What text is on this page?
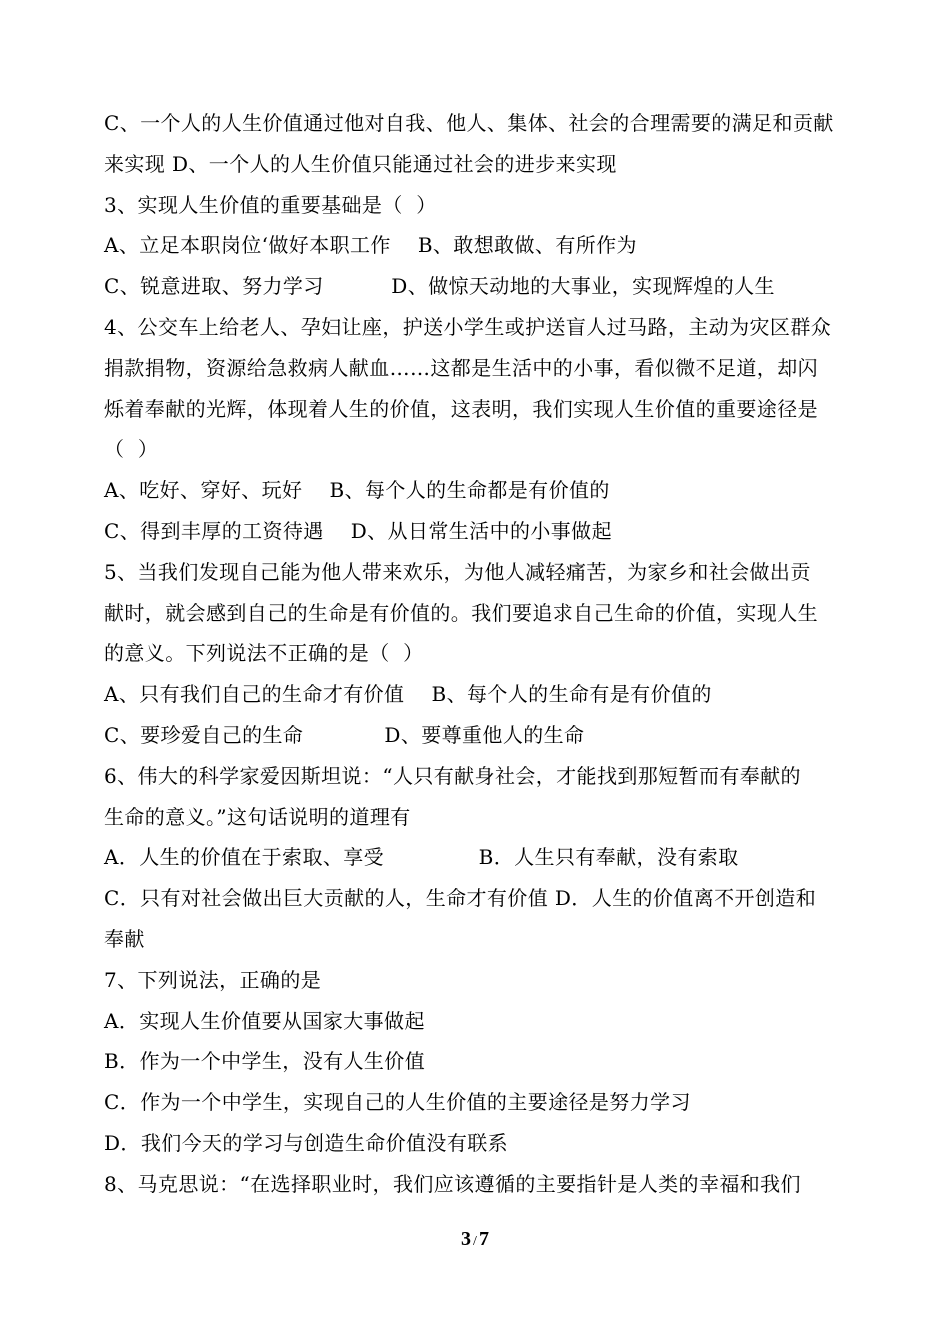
C、一个人的人生价值通过他对自我、他人、集体、社会的合理需要的满足和贡献
来实现 D、一个人的人生价值只能通过社会的进步来实现
3、实现人生价值的重要基础是（  ）
A、立足本职岗位‘做好本职工作    B、敢想敢做、有所作为
C、锐意进取、努力学习          D、做惊天动地的大事业，实现辉煌的人生
4、公交车上给老人、孕妇让座，护送小学生或护送盲人过马路，主动为灾区群众
捐款捐物，资源给急救病人献血……这都是生活中的小事，看似微不足道，却闪
烁着奉献的光辉，体现着人生的价值，这表明，我们实现人生价值的重要途径是
（  ）
A、吃好、穿好、玩好    B、每个人的生命都是有价值的
C、得到丰厚的工资待遇    D、从日常生活中的小事做起
5、当我们发现自己能为他人带来欢乐，为他人减轻痛苦，为家乡和社会做出贡
献时，就会感到自己的生命是有价值的。我们要追求自己生命的价值，实现人生
的意义。下列说法不正确的是（  ）
A、只有我们自己的生命才有价值    B、每个人的生命有是有价值的
C、要珍爱自己的生命            D、要尊重他人的生命
6、伟大的科学家爱因斯坦说：“人只有献身社会，才能找到那短暂而有奉献的
生命的意义。”这句话说明的道理有
A．人生的价值在于索取、享受              B．人生只有奉献，没有索取
C．只有对社会做出巨大贡献的人，生命才有价值 D．人生的价值离不开创造和
奉献
7、下列说法，正确的是
A．实现人生价值要从国家大事做起
B．作为一个中学生，没有人生价值
C．作为一个中学生，实现自己的人生价值的主要途径是努力学习
D．我们今天的学习与创造生命价值没有联系
8、马克思说：“在选择职业时，我们应该遵循的主要指针是人类的幸福和我们
3 / 7
